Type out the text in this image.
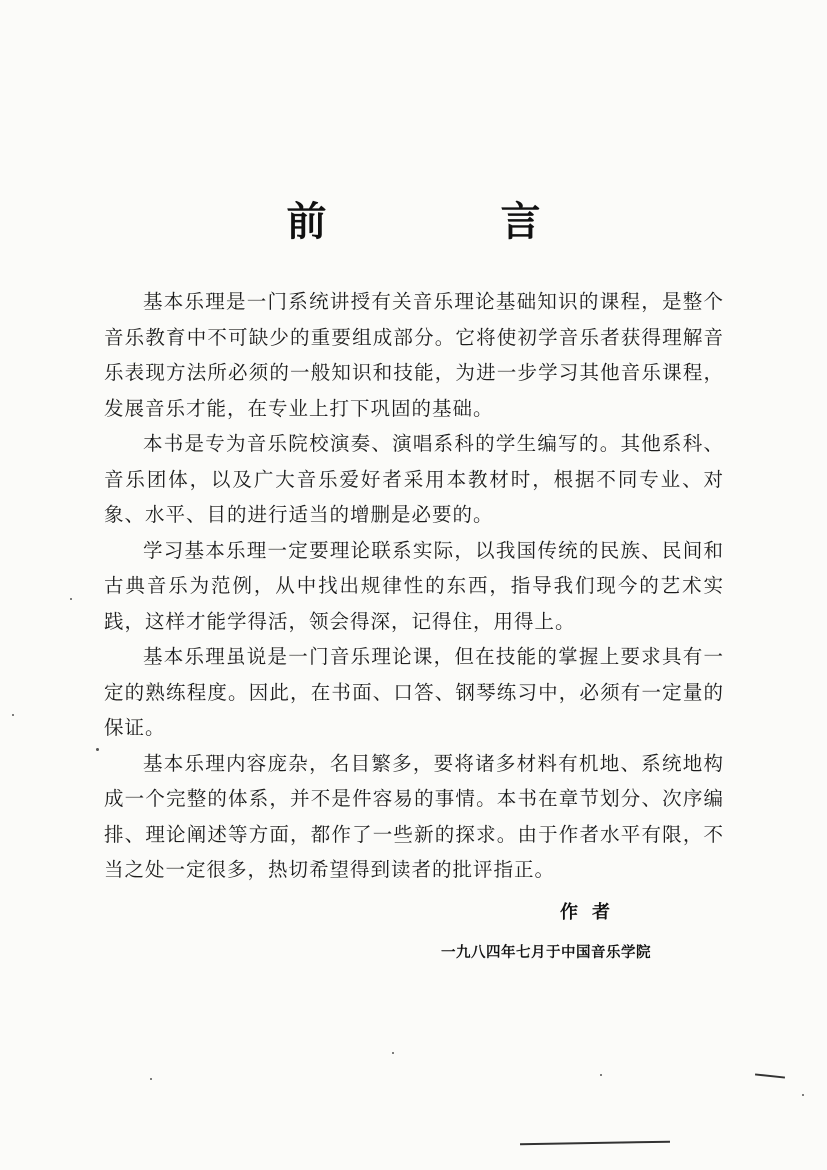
前 言

基本乐理是一门系统讲授有关音乐理论基础知识的课程，是整个音乐教育中不可缺少的重要组成部分。它将使初学音乐者获得理解音乐表现方法所必须的一般知识和技能，为进一步学习其他音乐课程，发展音乐才能，在专业上打下巩固的基础。

本书是专为音乐院校演奏、演唱系科的学生编写的。其他系科、音乐团体，以及广大音乐爱好者采用本教材时，根据不同专业、对象、水平、目的进行适当的增删是必要的。

学习基本乐理一定要理论联系实际，以我国传统的民族、民间和古典音乐为范例，从中找出规律性的东西，指导我们现今的艺术实践，这样才能学得活，领会得深，记得住，用得上。

基本乐理虽说是一门音乐理论课，但在技能的掌握上要求具有一定的熟练程度。因此，在书面、口答、钢琴练习中，必须有一定量的保证。

基本乐理内容庞杂，名目繁多，要将诸多材料有机地、系统地构成一个完整的体系，并不是件容易的事情。本书在章节划分、次序编排、理论阐述等方面，都作了一些新的探求。由于作者水平有限，不当之处一定很多，热切希望得到读者的批评指正。

作者
一九八四年七月于中国音乐学院
